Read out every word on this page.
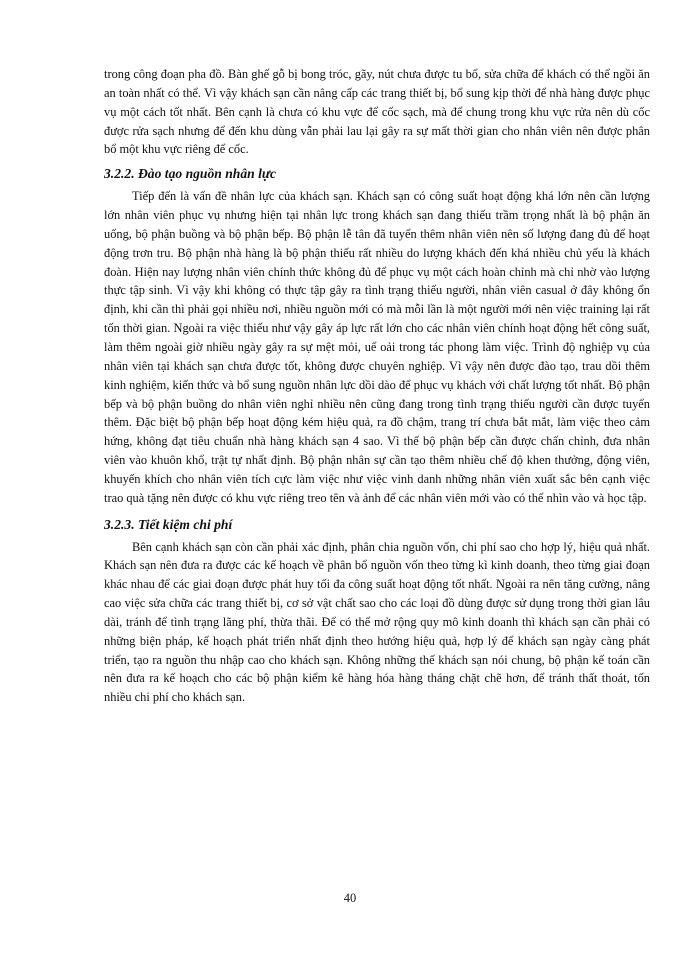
trong công đoạn pha đồ. Bàn ghế gỗ bị bong tróc, gãy, nút chưa được tu bổ, sửa chữa để khách có thể ngồi ăn an toàn nhất có thể. Vì vậy khách sạn cần nâng cấp các trang thiết bị, bổ sung kịp thời để nhà hàng được phục vụ một cách tốt nhất. Bên cạnh là chưa có khu vực để cốc sạch, mà để chung trong khu vực rửa nên dù cốc được rửa sạch nhưng để đến khu dùng vẫn phải lau lại gây ra sự mất thời gian cho nhân viên nên được phân bổ một khu vực riêng để cốc.

3.2.2. Đào tạo nguồn nhân lực

Tiếp đến là vấn đề nhân lực của khách sạn. Khách sạn có công suất hoạt động khá lớn nên cần lượng lớn nhân viên phục vụ nhưng hiện tại nhân lực trong khách sạn đang thiếu trầm trọng nhất là bộ phận ăn uống, bộ phận buồng và bộ phận bếp. Bộ phận lễ tân đã tuyển thêm nhân viên nên số lượng đang đủ để hoạt động trơn tru. Bộ phận nhà hàng là bộ phận thiếu rất nhiều do lượng khách đến khá nhiều chủ yếu là khách đoàn. Hiện nay lượng nhân viên chính thức không đủ để phục vụ một cách hoàn chỉnh mà chỉ nhờ vào lượng thực tập sinh. Vì vậy khi không có thực tập gây ra tình trạng thiếu người, nhân viên casual ở đây không ổn định, khi cần thì phải gọi nhiều nơi, nhiều nguồn mới có mà mỗi lần là một người mới nên việc training lại rất tốn thời gian. Ngoài ra việc thiếu như vậy gây áp lực rất lớn cho các nhân viên chính hoạt động hết công suất, làm thêm ngoài giờ nhiều ngày gây ra sự mệt mỏi, uể oải trong tác phong làm việc. Trình độ nghiệp vụ của nhân viên tại khách sạn chưa được tốt, không được chuyên nghiệp. Vì vậy nên được đào tạo, trau dồi thêm kinh nghiệm, kiến thức và bổ sung nguồn nhân lực dồi dào để phục vụ khách với chất lượng tốt nhất. Bộ phận bếp và bộ phận buồng do nhân viên nghỉ nhiều nên cũng đang trong tình trạng thiếu người cần được tuyển thêm. Đặc biệt bộ phận bếp hoạt động kém hiệu quả, ra đồ chậm, trang trí chưa bắt mắt, làm việc theo cảm hứng, không đạt tiêu chuẩn nhà hàng khách sạn 4 sao. Vì thế bộ phận bếp cần được chấn chỉnh, đưa nhân viên vào khuôn khổ, trật tự nhất định. Bộ phận nhân sự cần tạo thêm nhiều chế độ khen thưởng, động viên, khuyến khích cho nhân viên tích cực làm việc như việc vinh danh những nhân viên xuất sắc bên cạnh việc trao quà tặng nên được có khu vực riêng treo tên và ảnh để các nhân viên mới vào có thể nhìn vào và học tập.

3.2.3. Tiết kiệm chi phí

Bên cạnh khách sạn còn cần phải xác định, phân chia nguồn vốn, chi phí sao cho hợp lý, hiệu quả nhất. Khách sạn nên đưa ra được các kế hoạch về phân bổ nguồn vốn theo từng kì kinh doanh, theo từng giai đoạn khác nhau để các giai đoạn được phát huy tối đa công suất hoạt động tốt nhất. Ngoài ra nên tăng cường, nâng cao việc sửa chữa các trang thiết bị, cơ sở vật chất sao cho các loại đồ dùng được sử dụng trong thời gian lâu dài, tránh để tình trạng lãng phí, thừa thãi. Để có thể mở rộng quy mô kinh doanh thì khách sạn cần phải có những biện pháp, kế hoạch phát triển nhất định theo hướng hiệu quả, hợp lý để khách sạn ngày càng phát triển, tạo ra nguồn thu nhập cao cho khách sạn. Không những thế khách sạn nói chung, bộ phận kế toán cần nên đưa ra kế hoạch cho các bộ phận kiểm kê hàng hóa hàng tháng chặt chẽ hơn, để tránh thất thoát, tốn nhiều chi phí cho khách sạn.

40
